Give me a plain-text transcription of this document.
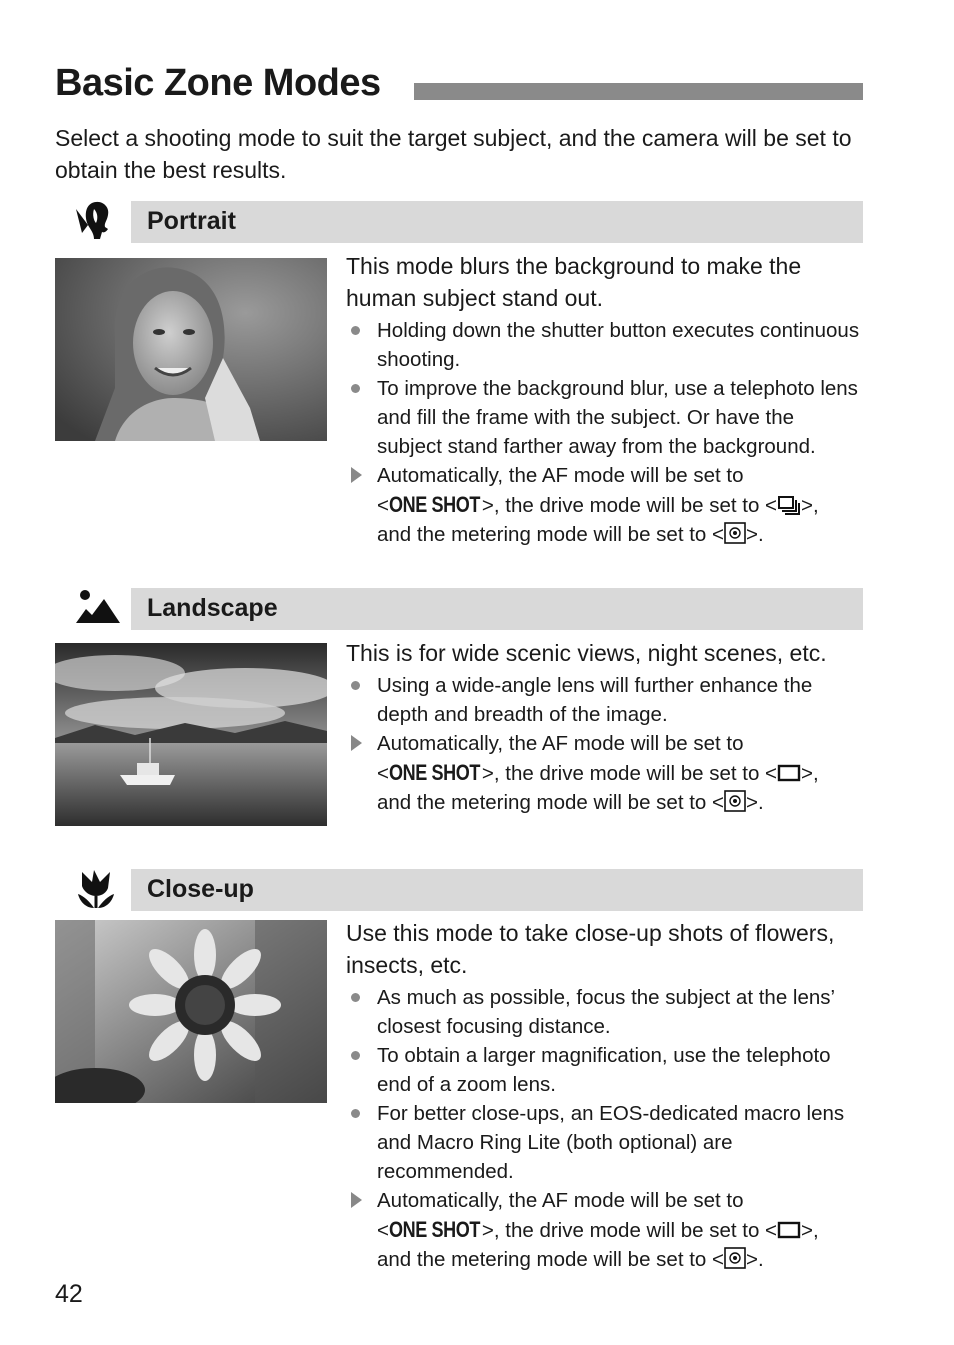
Basic Zone Modes

Select a shooting mode to suit the target subject, and the camera will be set to obtain the best results.

Portrait

This mode blurs the background to make the human subject stand out.

Holding down the shutter button executes continuous shooting.
To improve the background blur, use a telephoto lens and fill the frame with the subject. Or have the subject stand farther away from the background.
Automatically, the AF mode will be set to
<ONE SHOT>, the drive mode will be set to < >,
and the metering mode will be set to < >.
Landscape

This is for wide scenic views, night scenes, etc.

Using a wide-angle lens will further enhance the depth and breadth of the image.
Automatically, the AF mode will be set to
<ONE SHOT>, the drive mode will be set to < >,
and the metering mode will be set to < >.
Close-up

Use this mode to take close-up shots of flowers, insects, etc.

As much as possible, focus the subject at the lens’ closest focusing distance.
To obtain a larger magnification, use the telephoto end of a zoom lens.
For better close-ups, an EOS-dedicated macro lens and Macro Ring Lite (both optional) are recommended.
Automatically, the AF mode will be set to
<ONE SHOT>, the drive mode will be set to < >,
and the metering mode will be set to < >.

42
